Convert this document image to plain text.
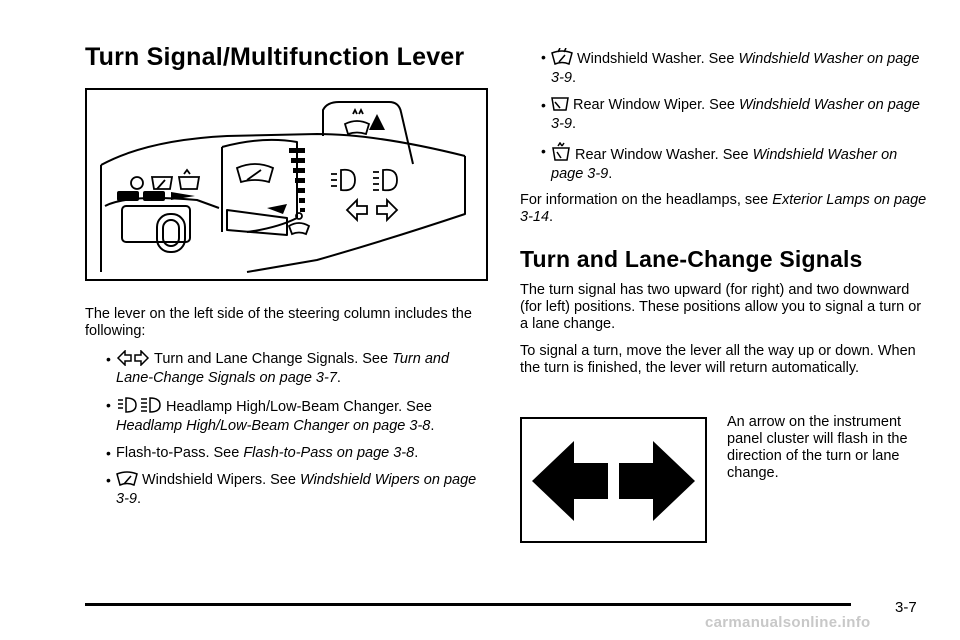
Turn Signal/Multifunction Lever

The lever on the left side of the steering column includes the following:

• Turn and Lane Change Signals. See Turn and Lane-Change Signals on page 3-7.
• Headlamp High/Low-Beam Changer. See Headlamp High/Low-Beam Changer on page 3-8.
• Flash-to-Pass. See Flash-to-Pass on page 3-8.
• Windshield Wipers. See Windshield Wipers on page 3-9.
• Windshield Washer. See Windshield Washer on page 3-9.
• Rear Window Wiper. See Windshield Washer on page 3-9.
• Rear Window Washer. See Windshield Washer on page 3-9.

For information on the headlamps, see Exterior Lamps on page 3-14.

Turn and Lane-Change Signals

The turn signal has two upward (for right) and two downward (for left) positions. These positions allow you to signal a turn or a lane change.

To signal a turn, move the lever all the way up or down. When the turn is finished, the lever will return automatically.

An arrow on the instrument panel cluster will flash in the direction of the turn or lane change.

3-7
carmanualsonline.info
